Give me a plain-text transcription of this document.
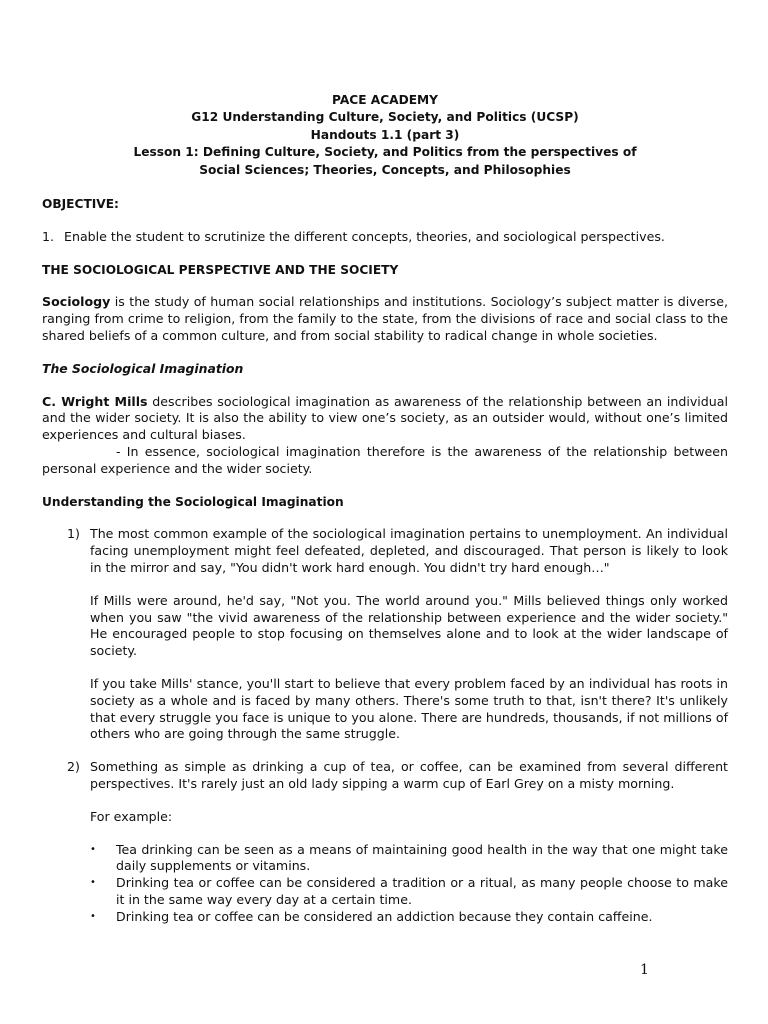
PACE ACADEMY
G12 Understanding Culture, Society, and Politics (UCSP)
Handouts 1.1 (part 3)
Lesson 1: Defining Culture, Society, and Politics from the perspectives of
Social Sciences; Theories, Concepts, and Philosophies
OBJECTIVE:
1. Enable the student to scrutinize the different concepts, theories, and sociological perspectives.
THE SOCIOLOGICAL PERSPECTIVE AND THE SOCIETY

Sociology is the study of human social relationships and institutions. Sociology’s subject matter is diverse, ranging from crime to religion, from the family to the state, from the divisions of race and social class to the shared beliefs of a common culture, and from social stability to radical change in whole societies.

The Sociological Imagination

C. Wright Mills describes sociological imagination as awareness of the relationship between an individual and the wider society. It is also the ability to view one’s society, as an outsider would, without one’s limited experiences and cultural biases.

- In essence, sociological imagination therefore is the awareness of the relationship between personal experience and the wider society.

Understanding the Sociological Imagination
1) The most common example of the sociological imagination pertains to unemployment. An individual facing unemployment might feel defeated, depleted, and discouraged. That person is likely to look in the mirror and say, "You didn't work hard enough. You didn't try hard enough…"

If Mills were around, he'd say, "Not you. The world around you." Mills believed things only worked when you saw "the vivid awareness of the relationship between experience and the wider society." He encouraged people to stop focusing on themselves alone and to look at the wider landscape of society.

If you take Mills' stance, you'll start to believe that every problem faced by an individual has roots in society as a whole and is faced by many others. There's some truth to that, isn't there? It's unlikely that every struggle you face is unique to you alone. There are hundreds, thousands, if not millions of others who are going through the same struggle.

2) Something as simple as drinking a cup of tea, or coffee, can be examined from several different perspectives. It's rarely just an old lady sipping a warm cup of Earl Grey on a misty morning.

For example:

• Tea drinking can be seen as a means of maintaining good health in the way that one might take daily supplements or vitamins.
• Drinking tea or coffee can be considered a tradition or a ritual, as many people choose to make it in the same way every day at a certain time.
• Drinking tea or coffee can be considered an addiction because they contain caffeine.
1
